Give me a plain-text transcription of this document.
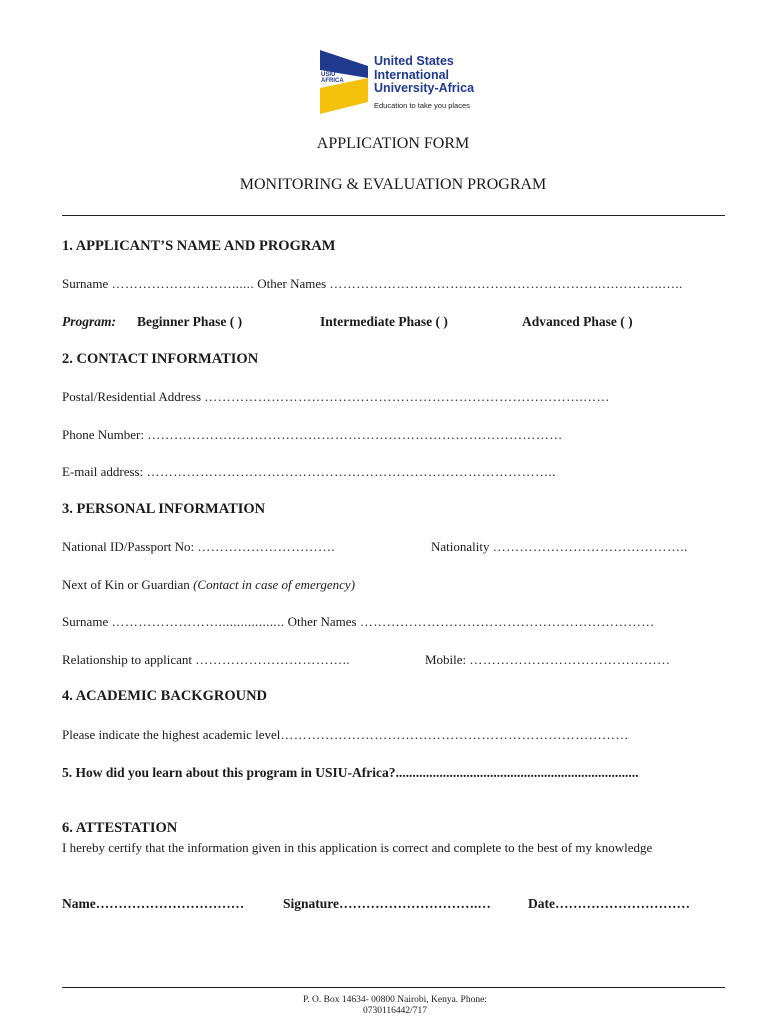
USIU AFRICA
United States
International
University-Africa
Education to take you places
APPLICATION FORM
MONITORING & EVALUATION PROGRAM
1. APPLICANT’S NAME AND PROGRAM
Surname ………………………...... Other Names ……………………………………………………….………..…..
Program: Beginner Phase ( )	Intermediate Phase ( )	Advanced Phase ( )
2. CONTACT INFORMATION
Postal/Residential Address ………………………………………………………………………….……
Phone Number: …………………………………………………………………………………
E-mail address: ………………………………………………………………………………..
3. PERSONAL INFORMATION
National ID/Passport No: ………………………….	Nationality ……………………………………..
Next of Kin or Guardian (Contact in case of emergency)
Surname …………………….................. Other Names …………………………………………………………
Relationship to applicant ……………………………..	Mobile: ………………………………………
4. ACADEMIC BACKGROUND
Please indicate the highest academic level……………………………………………………………………
5. How did you learn about this program in USIU-Africa?........................................................................
6. ATTESTATION
I hereby certify that the information given in this application is correct and complete to the best of my knowledge
Name……………………………	Signature………………………….…	Date…………………………
P. O. Box 14634- 00800 Nairobi, Kenya. Phone:
0730116442/717
